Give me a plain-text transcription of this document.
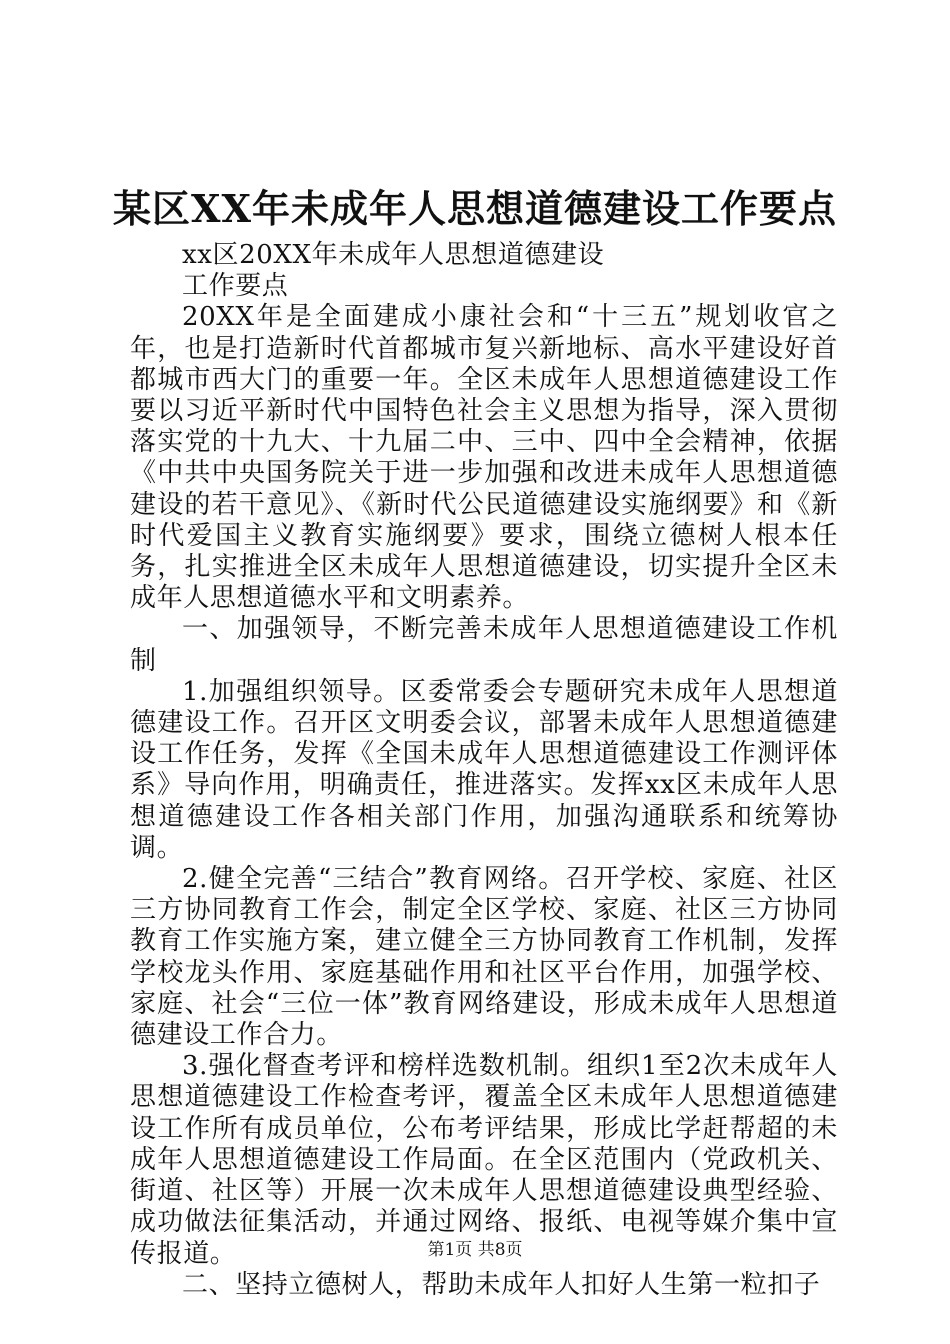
某区XX年未成年人思想道德建设工作要点

xx区20XX年未成年人思想道德建设

工作要点

20XX年是全面建成小康社会和“十三五”规划收官之年，也是打造新时代首都城市复兴新地标、高水平建设好首都城市西大门的重要一年。全区未成年人思想道德建设工作要以习近平新时代中国特色社会主义思想为指导，深入贯彻落实党的十九大、十九届二中、三中、四中全会精神，依据《中共中央国务院关于进一步加强和改进未成年人思想道德建设的若干意见》、《新时代公民道德建设实施纲要》和《新时代爱国主义教育实施纲要》要求，围绕立德树人根本任务，扎实推进全区未成年人思想道德建设，切实提升全区未成年人思想道德水平和文明素养。

一、加强领导，不断完善未成年人思想道德建设工作机制

1.加强组织领导。区委常委会专题研究未成年人思想道德建设工作。召开区文明委会议，部署未成年人思想道德建设工作任务，发挥《全国未成年人思想道德建设工作测评体系》导向作用，明确责任，推进落实。发挥xx区未成年人思想道德建设工作各相关部门作用，加强沟通联系和统筹协调。

2.健全完善“三结合”教育网络。召开学校、家庭、社区三方协同教育工作会，制定全区学校、家庭、社区三方协同教育工作实施方案，建立健全三方协同教育工作机制，发挥学校龙头作用、家庭基础作用和社区平台作用，加强学校、家庭、社会“三位一体”教育网络建设，形成未成年人思想道德建设工作合力。

3.强化督查考评和榜样选数机制。组织1至2次未成年人思想道德建设工作检查考评，覆盖全区未成年人思想道德建设工作所有成员单位，公布考评结果，形成比学赶帮超的未成年人思想道德建设工作局面。在全区范围内（党政机关、街道、社区等）开展一次未成年人思想道德建设典型经验、成功做法征集活动，并通过网络、报纸、电视等媒介集中宣传报道。

二、坚持立德树人，帮助未成年人扣好人生第一粒扣子

第1页 共8页
